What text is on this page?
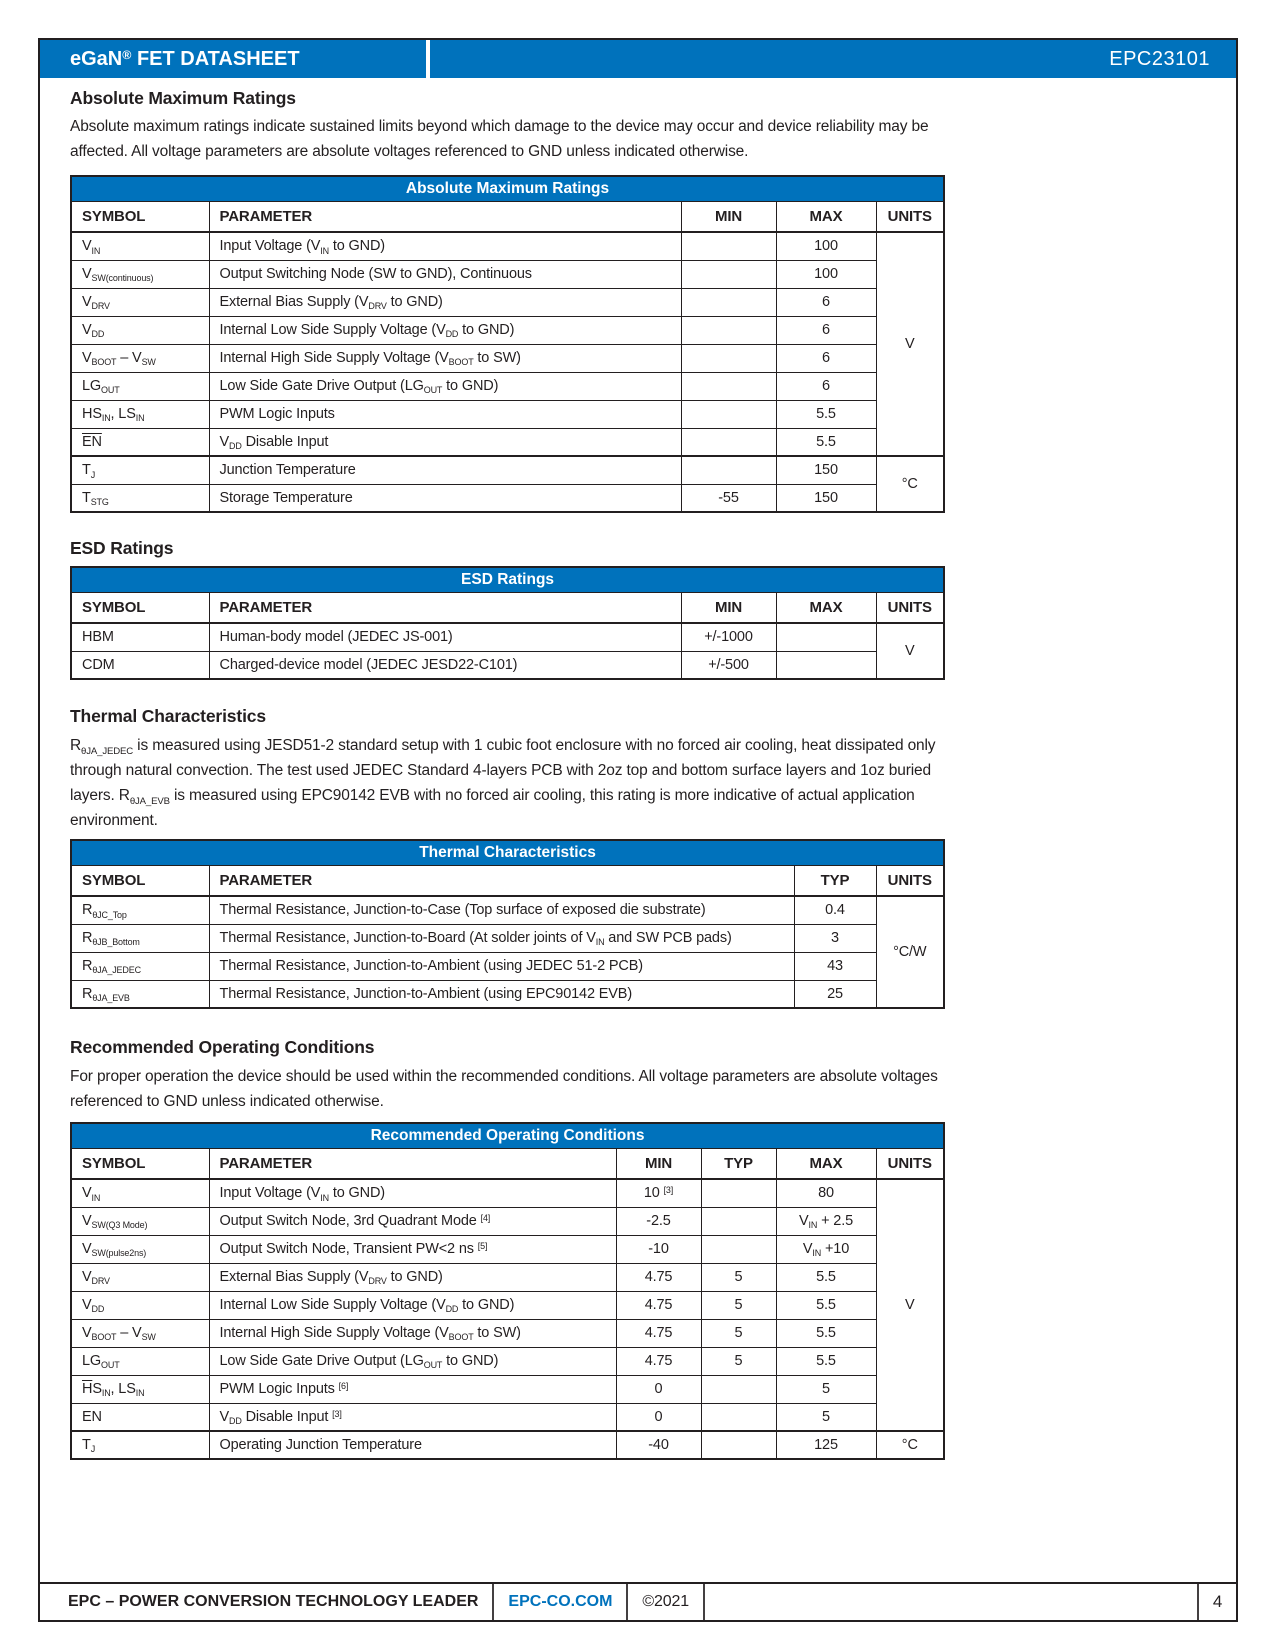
eGaN® FET DATASHEET	EPC23101
EPC – POWER CONVERSION TECHNOLOGY LEADER	EPC-CO.COM	©2021	4
Absolute Maximum Ratings

Absolute maximum ratings indicate sustained limits beyond which damage to the device may occur and device reliability may be affected. All voltage parameters are absolute voltages referenced to GND unless indicated otherwise.

Absolute Maximum Ratings				
SYMBOL	PARAMETER	MIN	MAX	UNITS
$V_{IN}$	Input Voltage ($V_{IN}$ to GND)		100	V
$V_{SW(continuous)}$	Output Switching Node (SW to GND), Continuous		100	
$V_{DRV}$	External Bias Supply ($V_{DRV}$ to GND)		6	
$V_{DD}$	Internal Low Side Supply Voltage ($V_{DD}$ to GND)		6	
$V_{BOOT} - V_{SW}$	Internal High Side Supply Voltage ($V_{BOOT}$ to SW)		6	
$LG_{OUT}$	Low Side Gate Drive Output ($LG_{OUT}$ to GND)		6	
$HS_{IN}$, $LS_{IN}$	PWM Logic Inputs		5.5	
$\overline{EN}$	$V_{DD}$ Disable Input		5.5	
$T_J$	Junction Temperature		150	°C
$T_{STG}$	Storage Temperature	-55	150	
ESD Ratings
ESD Ratings				
SYMBOL	PARAMETER	MIN	MAX	UNITS
HBM	Human-body model (JEDEC JS-001)	+/-1000		V
CDM	Charged-device model (JEDEC JESD22-C101)	+/-500		
Thermal Characteristics

$R_{\theta JA\_JEDEC}$ is measured using JESD51-2 standard setup with 1 cubic foot enclosure with no forced air cooling, heat dissipated only through natural convection. The test used JEDEC Standard 4-layers PCB with 2oz top and bottom surface layers and 1oz buried layers. $R_{\theta JA\_EVB}$ is measured using EPC90142 EVB with no forced air cooling, this rating is more indicative of actual application environment.

Thermal Characteristics			
SYMBOL	PARAMETER	TYP	UNITS
$R_{\theta JC\_Top}$	Thermal Resistance, Junction-to-Case (Top surface of exposed die substrate)	0.4	°C/W
$R_{\theta JB\_Bottom}$	Thermal Resistance, Junction-to-Board (At solder joints of $V_{IN}$ and SW PCB pads)	3	
$R_{\theta JA\_JEDEC}$	Thermal Resistance, Junction-to-Ambient (using JEDEC 51-2 PCB)	43	
$R_{\theta JA\_EVB}$	Thermal Resistance, Junction-to-Ambient (using EPC90142 EVB)	25	
Recommended Operating Conditions

For proper operation the device should be used within the recommended conditions. All voltage parameters are absolute voltages referenced to GND unless indicated otherwise.

Recommended Operating Conditions					
SYMBOL	PARAMETER	MIN	TYP	MAX	UNITS
$V_{IN}$	Input Voltage ($V_{IN}$ to GND)	10 [3]		80	V
$V_{SW(Q3 Mode)}$	Output Switch Node, 3rd Quadrant Mode [4]	-2.5		$V_{IN} + 2.5$	
$V_{SW(pulse2ns)}$	Output Switch Node, Transient PW<2 ns [5]	-10		$V_{IN} +10$	
$V_{DRV}$	External Bias Supply ($V_{DRV}$ to GND)	4.75	5	5.5	
$V_{DD}$	Internal Low Side Supply Voltage ($V_{DD}$ to GND)	4.75	5	5.5	
$V_{BOOT} - V_{SW}$	Internal High Side Supply Voltage ($V_{BOOT}$ to SW)	4.75	5	5.5	
$LG_{OUT}$	Low Side Gate Drive Output ($LG_{OUT}$ to GND)	4.75	5	5.5	
$\overline{H}S_{IN}$, $LS_{IN}$	PWM Logic Inputs [6]	0		5	
EN	$V_{DD}$ Disable Input [3]	0		5	
$T_J$	Operating Junction Temperature	-40		125	°C
